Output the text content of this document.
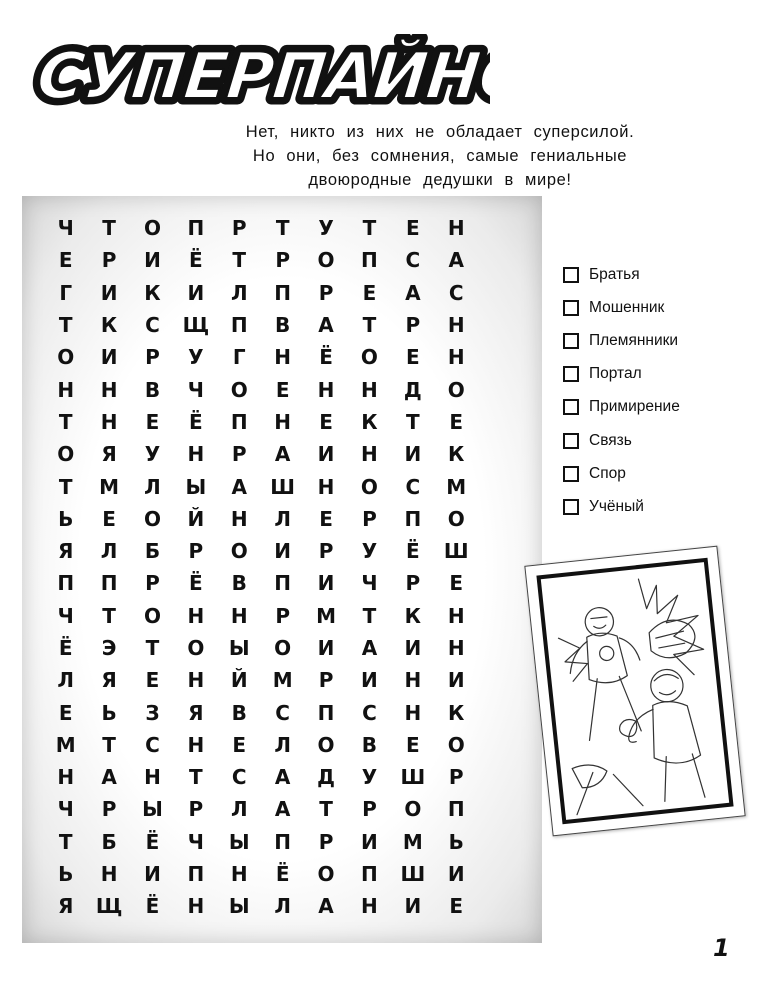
СУПЕРПАЙНСЫ
СУПЕРПАЙНСЫ
Нет, никто из них не обладает суперсилой.
Но они, без сомнения, самые гениальные
двоюродные дедушки в мире!
Ч	Т	О	П	Р	Т	У	Т	Е	Н
Е	Р	И	Ё	Т	Р	О	П	С	А
Г	И	К	И	Л	П	Р	Е	А	С
Т	К	С	Щ	П	В	А	Т	Р	Н
О	И	Р	У	Г	Н	Ё	О	Е	Н
Н	Н	В	Ч	О	Е	Н	Н	Д	О
Т	Н	Е	Ё	П	Н	Е	К	Т	Е
О	Я	У	Н	Р	А	И	Н	И	К
Т	М	Л	Ы	А	Ш	Н	О	С	М
Ь	Е	О	Й	Н	Л	Е	Р	П	О
Я	Л	Б	Р	О	И	Р	У	Ё	Ш
П	П	Р	Ё	В	П	И	Ч	Р	Е
Ч	Т	О	Н	Н	Р	М	Т	К	Н
Ё	Э	Т	О	Ы	О	И	А	И	Н
Л	Я	Е	Н	Й	М	Р	И	Н	И
Е	Ь	З	Я	В	С	П	С	Н	К
М	Т	С	Н	Е	Л	О	В	Е	О
Н	А	Н	Т	С	А	Д	У	Ш	Р
Ч	Р	Ы	Р	Л	А	Т	Р	О	П
Т	Б	Ё	Ч	Ы	П	Р	И	М	Ь
Ь	Н	И	П	Н	Ё	О	П	Ш	И
Я	Щ	Ё	Н	Ы	Л	А	Н	И	Е
Братья
Мошенник
Племянники
Портал
Примирение
Связь
Спор
Учёный
1
